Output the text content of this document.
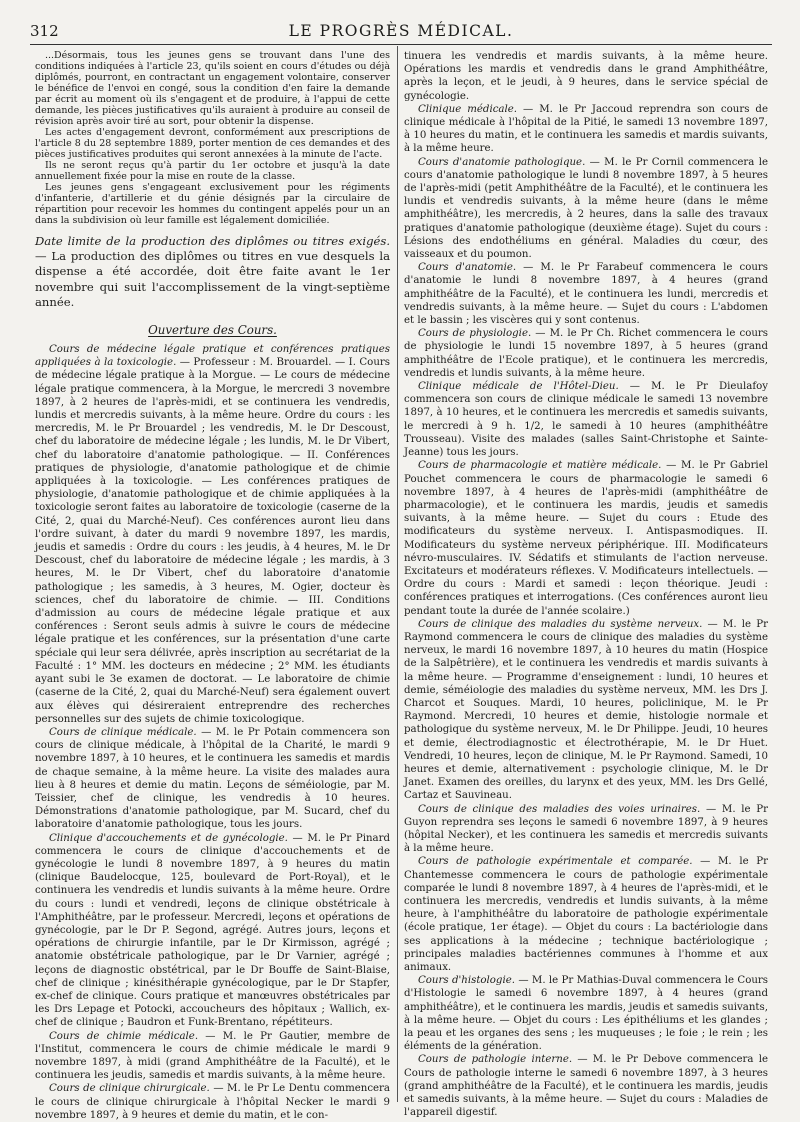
312	LE PROGRÈS MÉDICAL.

...Désormais, tous les jeunes gens se trouvant dans l'une des conditions indiquées à l'article 23, qu'ils soient en cours d'études ou déjà diplômés, pourront, en contractant un engagement volontaire, conserver le bénéfice de l'envoi en congé, sous la condition d'en faire la demande par écrit au moment où ils s'engagent et de produire, à l'appui de cette demande, les pièces justificatives qu'ils auraient à produire au conseil de révision après avoir tiré au sort, pour obtenir la dispense.

Les actes d'engagement devront, conformément aux prescriptions de l'article 8 du 28 septembre 1889, porter mention de ces demandes et des pièces justificatives produites qui seront annexées à la minute de l'acte.

Ils ne seront reçus qu'à partir du 1er octobre et jusqu'à la date annuellement fixée pour la mise en route de la classe.

Les jeunes gens s'engageant exclusivement pour les régiments d'infanterie, d'artillerie et du génie désignés par la circulaire de répartition pour recevoir les hommes du contingent appelés pour un an dans la subdivision où leur famille est légalement domiciliée.

Date limite de la production des diplômes ou titres exigés. — La production des diplômes ou titres en vue desquels la dispense a été accordée, doit être faite avant le 1er novembre qui suit l'accomplissement de la vingt-septième année.

Ouverture des Cours.

Cours de médecine légale pratique et conférences pratiques appliquées à la toxicologie. — Professeur : M. Brouardel. — I. Cours de médecine légale pratique à la Morgue. — Le cours de médecine légale pratique commencera, à la Morgue, le mercredi 3 novembre 1897, à 2 heures de l'après-midi, et se continuera les vendredis, lundis et mercredis suivants, à la même heure. Ordre du cours : les mercredis, M. le Pr Brouardel ; les vendredis, M. le Dr Descoust, chef du laboratoire de médecine légale ; les lundis, M. le Dr Vibert, chef du laboratoire d'anatomie pathologique. — II. Conférences pratiques de physiologie, d'anatomie pathologique et de chimie appliquées à la toxicologie. — Les conférences pratiques de physiologie, d'anatomie pathologique et de chimie appliquées à la toxicologie seront faites au laboratoire de toxicologie (caserne de la Cité, 2, quai du Marché-Neuf). Ces conférences auront lieu dans l'ordre suivant, à dater du mardi 9 novembre 1897, les mardis, jeudis et samedis : Ordre du cours : les jeudis, à 4 heures, M. le Dr Descoust, chef du laboratoire de médecine légale ; les mardis, à 3 heures, M. le Dr Vibert, chef du laboratoire d'anatomie pathologique ; les samedis, à 3 heures, M. Ogier, docteur ès sciences, chef du laboratoire de chimie. — III. Conditions d'admission au cours de médecine légale pratique et aux conférences : Seront seuls admis à suivre le cours de médecine légale pratique et les conférences, sur la présentation d'une carte spéciale qui leur sera délivrée, après inscription au secrétariat de la Faculté : 1° MM. les docteurs en médecine ; 2° MM. les étudiants ayant subi le 3e examen de doctorat. — Le laboratoire de chimie (caserne de la Cité, 2, quai du Marché-Neuf) sera également ouvert aux élèves qui désireraient entreprendre des recherches personnelles sur des sujets de chimie toxicologique.

Cours de clinique médicale. — M. le Pr Potain commencera son cours de clinique médicale, à l'hôpital de la Charité, le mardi 9 novembre 1897, à 10 heures, et le continuera les samedis et mardis de chaque semaine, à la même heure. La visite des malades aura lieu à 8 heures et demie du matin. Leçons de séméiologie, par M. Teissier, chef de clinique, les vendredis à 10 heures. Démonstrations d'anatomie pathologique, par M. Sucard, chef du laboratoire d'anatomie pathologique, tous les jours.

Clinique d'accouchements et de gynécologie. — M. le Pr Pinard commencera le cours de clinique d'accouchements et de gynécologie le lundi 8 novembre 1897, à 9 heures du matin (clinique Baudelocque, 125, boulevard de Port-Royal), et le continuera les vendredis et lundis suivants à la même heure. Ordre du cours : lundi et vendredi, leçons de clinique obstétricale à l'Amphithéâtre, par le professeur. Mercredi, leçons et opérations de gynécologie, par le Dr P. Segond, agrégé. Autres jours, leçons et opérations de chirurgie infantile, par le Dr Kirmisson, agrégé ; anatomie obstétricale pathologique, par le Dr Varnier, agrégé ; leçons de diagnostic obstétrical, par le Dr Bouffe de Saint-Blaise, chef de clinique ; kinésithérapie gynécologique, par le Dr Stapfer, ex-chef de clinique. Cours pratique et manœuvres obstétricales par les Drs Lepage et Potocki, accoucheurs des hôpitaux ; Wallich, ex-chef de clinique ; Baudron et Funk-Brentano, répétiteurs.

Cours de chimie médicale. — M. le Pr Gautier, membre de l'Institut, commencera le cours de chimie médicale le mardi 9 novembre 1897, à midi (grand Amphithéâtre de la Faculté), et le continuera les jeudis, samedis et mardis suivants, à la même heure.

Cours de clinique chirurgicale. — M. le Pr Le Dentu commencera le cours de clinique chirurgicale à l'hôpital Necker le mardi 9 novembre 1897, à 9 heures et demie du matin, et le con-

tinuera les vendredis et mardis suivants, à la même heure. Opérations les mardis et vendredis dans le grand Amphithéâtre, après la leçon, et le jeudi, à 9 heures, dans le service spécial de gynécologie.

Clinique médicale. — M. le Pr Jaccoud reprendra son cours de clinique médicale à l'hôpital de la Pitié, le samedi 13 novembre 1897, à 10 heures du matin, et le continuera les samedis et mardis suivants, à la même heure.

Cours d'anatomie pathologique. — M. le Pr Cornil commencera le cours d'anatomie pathologique le lundi 8 novembre 1897, à 5 heures de l'après-midi (petit Amphithéâtre de la Faculté), et le continuera les lundis et vendredis suivants, à la même heure (dans le même amphithéâtre), les mercredis, à 2 heures, dans la salle des travaux pratiques d'anatomie pathologique (deuxième étage). Sujet du cours : Lésions des endothéliums en général. Maladies du cœur, des vaisseaux et du poumon.

Cours d'anatomie. — M. le Pr Farabeuf commencera le cours d'anatomie le lundi 8 novembre 1897, à 4 heures (grand amphithéâtre de la Faculté), et le continuera les lundi, mercredis et vendredis suivants, à la même heure. — Sujet du cours : L'abdomen et le bassin ; les viscères qui y sont contenus.

Cours de physiologie. — M. le Pr Ch. Richet commencera le cours de physiologie le lundi 15 novembre 1897, à 5 heures (grand amphithéâtre de l'Ecole pratique), et le continuera les mercredis, vendredis et lundis suivants, à la même heure.

Clinique médicale de l'Hôtel-Dieu. — M. le Pr Dieulafoy commencera son cours de clinique médicale le samedi 13 novembre 1897, à 10 heures, et le continuera les mercredis et samedis suivants, le mercredi à 9 h. 1/2, le samedi à 10 heures (amphithéâtre Trousseau). Visite des malades (salles Saint-Christophe et Sainte-Jeanne) tous les jours.

Cours de pharmacologie et matière médicale. — M. le Pr Gabriel Pouchet commencera le cours de pharmacologie le samedi 6 novembre 1897, à 4 heures de l'après-midi (amphithéâtre de pharmacologie), et le continuera les mardis, jeudis et samedis suivants, à la même heure. — Sujet du cours : Etude des modificateurs du système nerveux. I. Antispasmodiques. II. Modificateurs du système nerveux périphérique. III. Modificateurs névro-musculaires. IV. Sédatifs et stimulants de l'action nerveuse. Excitateurs et modérateurs réflexes. V. Modificateurs intellectuels. — Ordre du cours : Mardi et samedi : leçon théorique. Jeudi : conférences pratiques et interrogations. (Ces conférences auront lieu pendant toute la durée de l'année scolaire.)

Cours de clinique des maladies du système nerveux. — M. le Pr Raymond commencera le cours de clinique des maladies du système nerveux, le mardi 16 novembre 1897, à 10 heures du matin (Hospice de la Salpêtrière), et le continuera les vendredis et mardis suivants à la même heure. — Programme d'enseignement : lundi, 10 heures et demie, séméiologie des maladies du système nerveux, MM. les Drs J. Charcot et Souques. Mardi, 10 heures, policlinique, M. le Pr Raymond. Mercredi, 10 heures et demie, histologie normale et pathologique du système nerveux, M. le Dr Philippe. Jeudi, 10 heures et demie, électrodiagnostic et électrothérapie, M. le Dr Huet. Vendredi, 10 heures, leçon de clinique, M. le Pr Raymond. Samedi, 10 heures et demie, alternativement : psychologie clinique, M. le Dr Janet. Examen des oreilles, du larynx et des yeux, MM. les Drs Gellé, Cartaz et Sauvineau.

Cours de clinique des maladies des voies urinaires. — M. le Pr Guyon reprendra ses leçons le samedi 6 novembre 1897, à 9 heures (hôpital Necker), et les continuera les samedis et mercredis suivants à la même heure.

Cours de pathologie expérimentale et comparée. — M. le Pr Chantemesse commencera le cours de pathologie expérimentale comparée le lundi 8 novembre 1897, à 4 heures de l'après-midi, et le continuera les mercredis, vendredis et lundis suivants, à la même heure, à l'amphithéâtre du laboratoire de pathologie expérimentale (école pratique, 1er étage). — Objet du cours : La bactériologie dans ses applications à la médecine ; technique bactériologique ; principales maladies bactériennes communes à l'homme et aux animaux.

Cours d'histologie. — M. le Pr Mathias-Duval commencera le Cours d'Histologie le samedi 6 novembre 1897, à 4 heures (grand amphithéâtre), et le continuera les mardis, jeudis et samedis suivants, à la même heure. — Objet du cours : Les épithéliums et les glandes ; la peau et les organes des sens ; les muqueuses ; le foie ; le rein ; les éléments de la génération.

Cours de pathologie interne. — M. le Pr Debove commencera le Cours de pathologie interne le samedi 6 novembre 1897, à 3 heures (grand amphithéâtre de la Faculté), et le continuera les mardis, jeudis et samedis suivants, à la même heure. — Sujet du cours : Maladies de l'appareil digestif.
